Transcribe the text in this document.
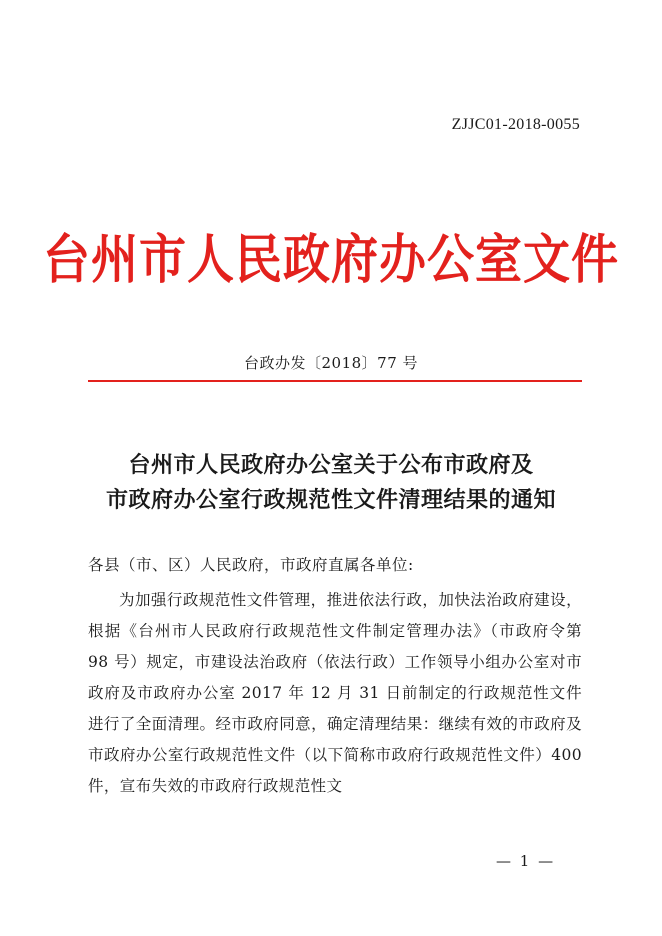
ZJJC01-2018-0055
台州市人民政府办公室文件
台政办发〔2018〕77 号
台州市人民政府办公室关于公布市政府及
市政府办公室行政规范性文件清理结果的通知
各县（市、区）人民政府，市政府直属各单位:

为加强行政规范性文件管理，推进依法行政，加快法治政府建设，根据《台州市人民政府行政规范性文件制定管理办法》（市政府令第 98 号）规定，市建设法治政府（依法行政）工作领导小组办公室对市政府及市政府办公室 2017 年 12 月 31 日前制定的行政规范性文件进行了全面清理。经市政府同意，确定清理结果：继续有效的市政府及市政府办公室行政规范性文件（以下简称市政府行政规范性文件）400 件，宣布失效的市政府行政规范性文

— 1 —
